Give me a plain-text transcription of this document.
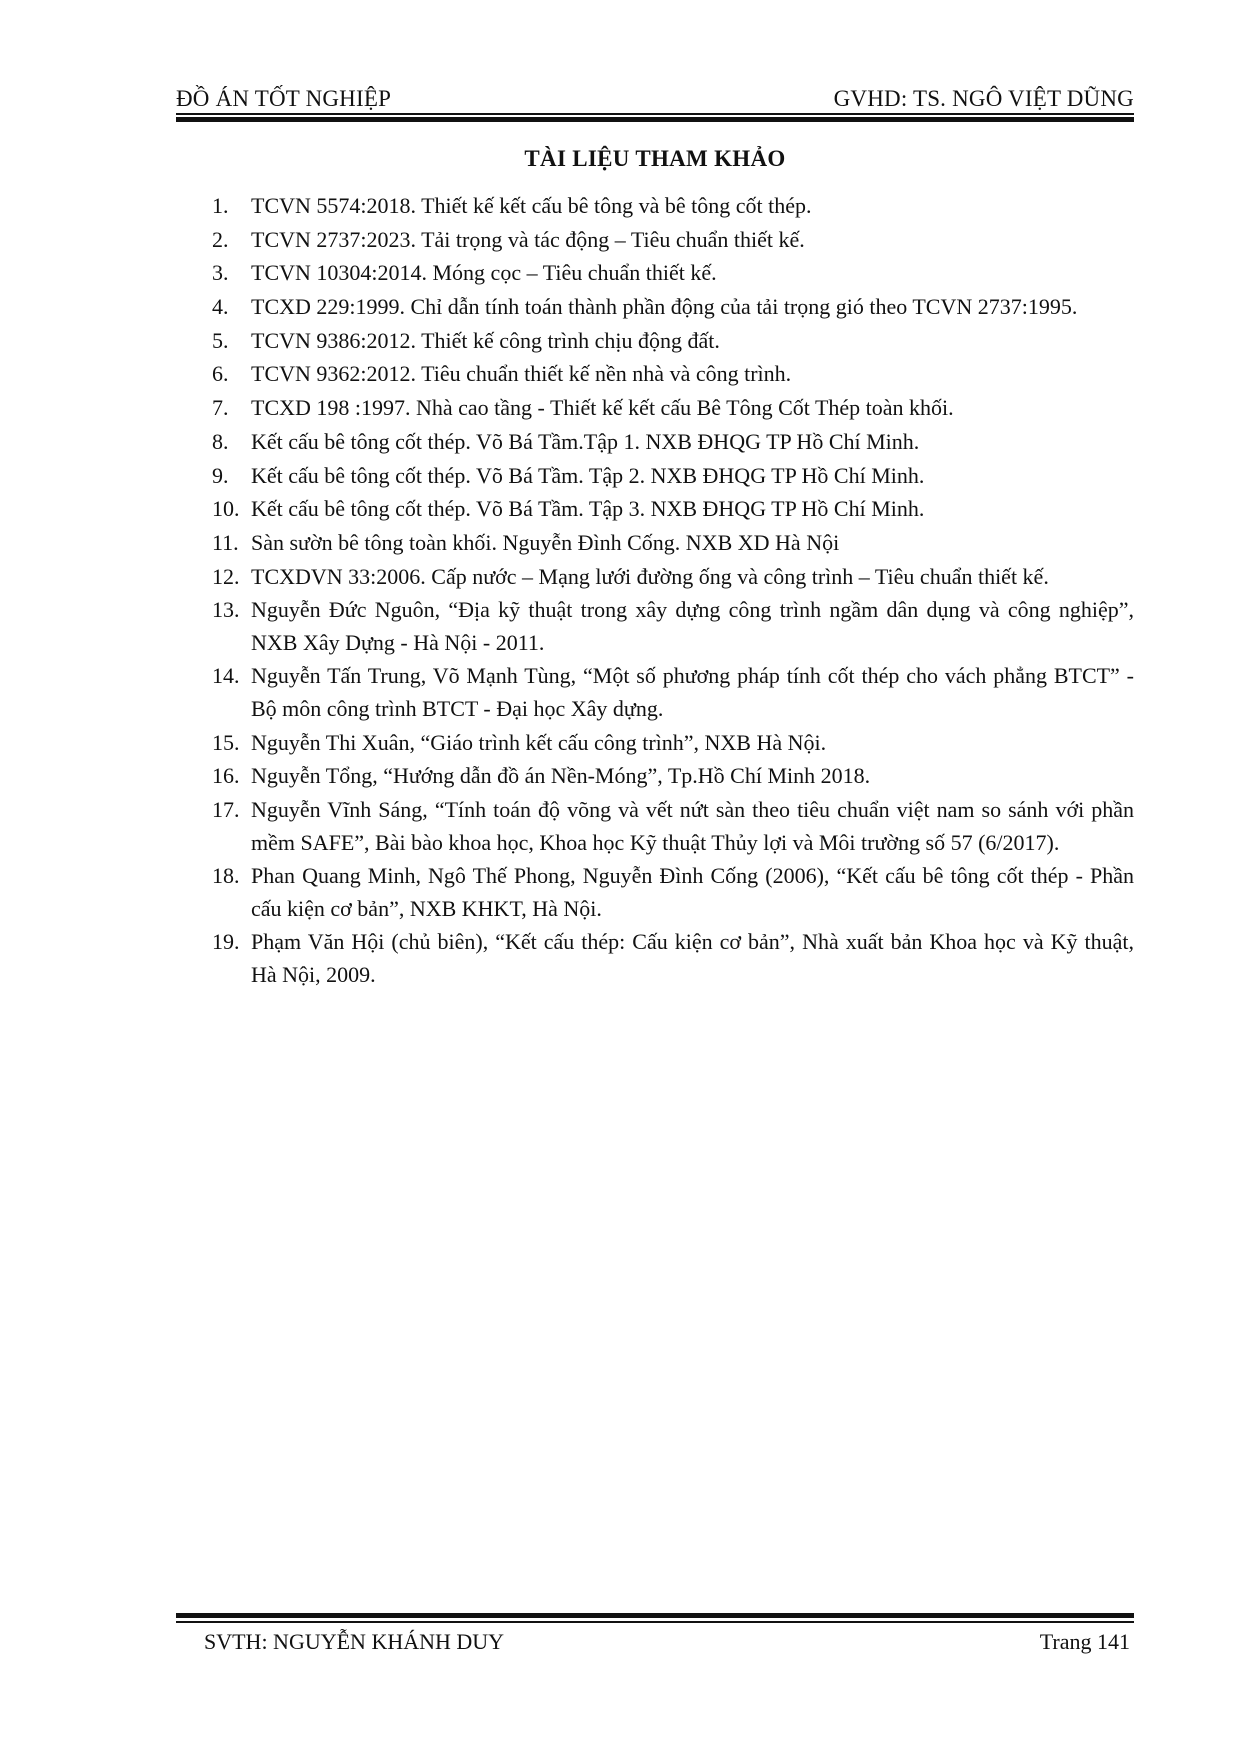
ĐỒ ÁN TỐT NGHIỆP	GVHD: TS. NGÔ VIỆT DŨNG
TÀI LIỆU THAM KHẢO
1.	TCVN 5574:2018. Thiết kế kết cấu bê tông và bê tông cốt thép.
2.	TCVN 2737:2023. Tải trọng và tác động – Tiêu chuẩn thiết kế.
3.	TCVN 10304:2014. Móng cọc – Tiêu chuẩn thiết kế.
4.	TCXD 229:1999. Chỉ dẫn tính toán thành phần động của tải trọng gió theo TCVN 2737:1995.
5.	TCVN 9386:2012. Thiết kế công trình chịu động đất.
6.	TCVN 9362:2012. Tiêu chuẩn thiết kế nền nhà và công trình.
7.	TCXD 198 :1997. Nhà cao tầng - Thiết kế kết cấu Bê Tông Cốt Thép toàn khối.
8.	Kết cấu bê tông cốt thép. Võ Bá Tầm.Tập 1. NXB ĐHQG TP Hồ Chí Minh.
9.	Kết cấu bê tông cốt thép. Võ Bá Tầm. Tập 2. NXB ĐHQG TP Hồ Chí Minh.
10. Kết cấu bê tông cốt thép. Võ Bá Tầm. Tập 3. NXB ĐHQG TP Hồ Chí Minh.
11. Sàn sườn bê tông toàn khối. Nguyễn Đình Cống. NXB XD Hà Nội
12. TCXDVN 33:2006. Cấp nước – Mạng lưới đường ống và công trình – Tiêu chuẩn thiết kế.
13. Nguyễn Đức Nguôn, “Địa kỹ thuật trong xây dựng công trình ngầm dân dụng và công nghiệp”, NXB Xây Dựng - Hà Nội - 2011.
14. Nguyễn Tấn Trung, Võ Mạnh Tùng, “Một số phương pháp tính cốt thép cho vách phẳng BTCT” - Bộ môn công trình BTCT - Đại học Xây dựng.
15. Nguyễn Thi Xuân, “Giáo trình kết cấu công trình”, NXB Hà Nội.
16. Nguyễn Tổng, “Hướng dẫn đồ án Nền-Móng”, Tp.Hồ Chí Minh 2018.
17. Nguyễn Vĩnh Sáng, “Tính toán độ võng và vết nứt sàn theo tiêu chuẩn việt nam so sánh với phần mềm SAFE”, Bài bào khoa học, Khoa học Kỹ thuật Thủy lợi và Môi trường số 57 (6/2017).
18. Phan Quang Minh, Ngô Thế Phong, Nguyễn Đình Cống (2006), “Kết cấu bê tông cốt thép - Phần cấu kiện cơ bản”, NXB KHKT, Hà Nội.
19. Phạm Văn Hội (chủ biên), “Kết cấu thép: Cấu kiện cơ bản”, Nhà xuất bản Khoa học và Kỹ thuật, Hà Nội, 2009.
SVTH: NGUYỄN KHÁNH DUY	Trang 141
